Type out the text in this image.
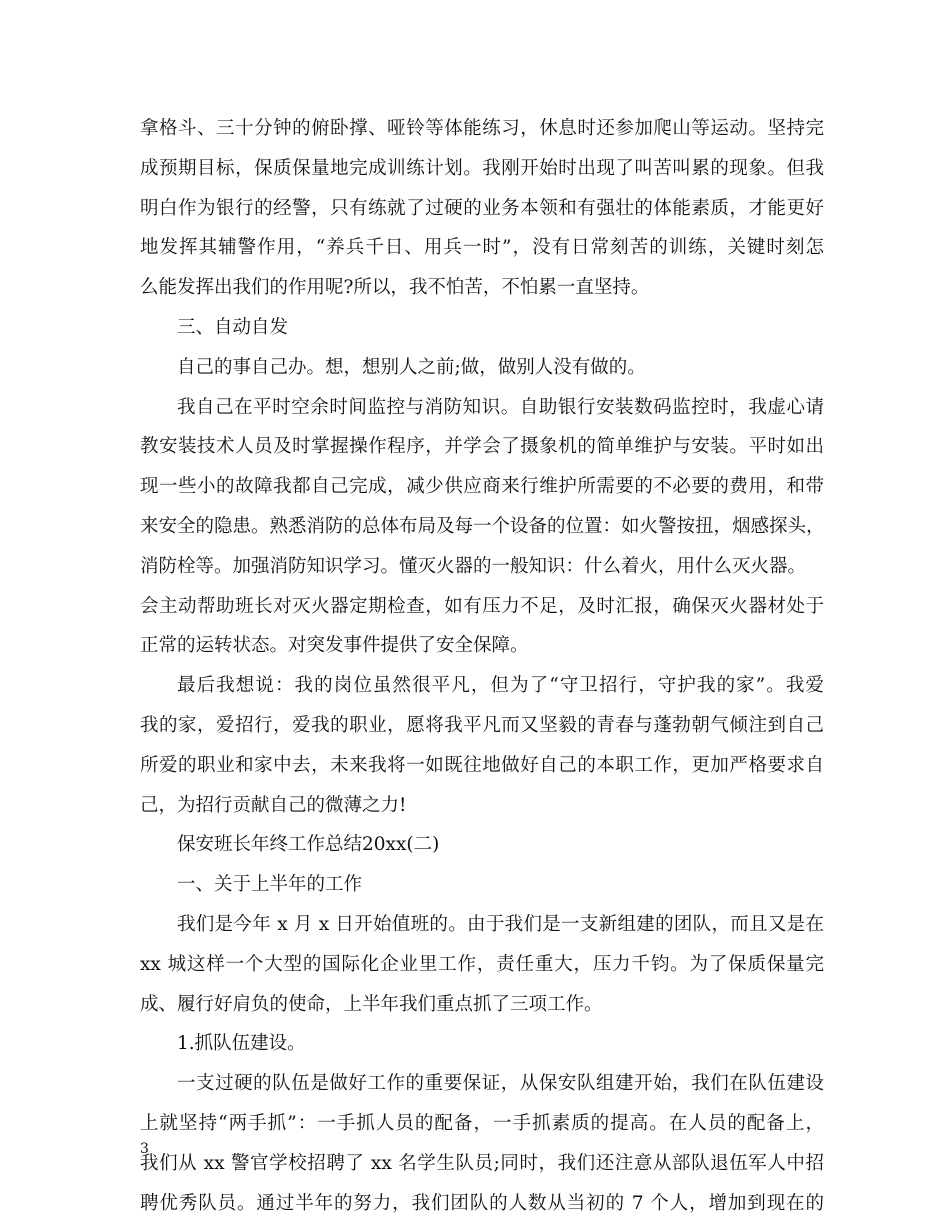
拿格斗、三十分钟的俯卧撑、哑铃等体能练习，休息时还参加爬山等运动。坚持完
成预期目标，保质保量地完成训练计划。我刚开始时出现了叫苦叫累的现象。但我
明白作为银行的经警，只有练就了过硬的业务本领和有强壮的体能素质，才能更好
地发挥其辅警作用，“养兵千日、用兵一时”，没有日常刻苦的训练，关键时刻怎
么能发挥出我们的作用呢?所以，我不怕苦，不怕累一直坚持。
三、自动自发
自己的事自己办。想，想别人之前;做，做别人没有做的。
我自己在平时空余时间监控与消防知识。自助银行安装数码监控时，我虚心请
教安装技术人员及时掌握操作程序，并学会了摄象机的简单维护与安装。平时如出
现一些小的故障我都自己完成，减少供应商来行维护所需要的不必要的费用，和带
来安全的隐患。熟悉消防的总体布局及每一个设备的位置：如火警按扭，烟感探头，
消防栓等。加强消防知识学习。懂灭火器的一般知识：什么着火，用什么灭火器。
会主动帮助班长对灭火器定期检查，如有压力不足，及时汇报，确保灭火器材处于
正常的运转状态。对突发事件提供了安全保障。
最后我想说：我的岗位虽然很平凡，但为了“守卫招行，守护我的家”。我爱
我的家，爱招行，爱我的职业，愿将我平凡而又坚毅的青春与蓬勃朝气倾注到自己
所爱的职业和家中去，未来我将一如既往地做好自己的本职工作，更加严格要求自
己，为招行贡献自己的微薄之力!
保安班长年终工作总结20xx(二)
一、关于上半年的工作
我们是今年 x 月 x 日开始值班的。由于我们是一支新组建的团队，而且又是在
xx 城这样一个大型的国际化企业里工作，责任重大，压力千钧。为了保质保量完
成、履行好肩负的使命，上半年我们重点抓了三项工作。
1.抓队伍建设。
一支过硬的队伍是做好工作的重要保证，从保安队组建开始，我们在队伍建设
上就坚持“两手抓”：一手抓人员的配备，一手抓素质的提高。在人员的配备上，
我们从 xx 警官学校招聘了 xx 名学生队员;同时，我们还注意从部队退伍军人中招
聘优秀队员。通过半年的努力，我们团队的人数从当初的 7 个人，增加到现在的
3
